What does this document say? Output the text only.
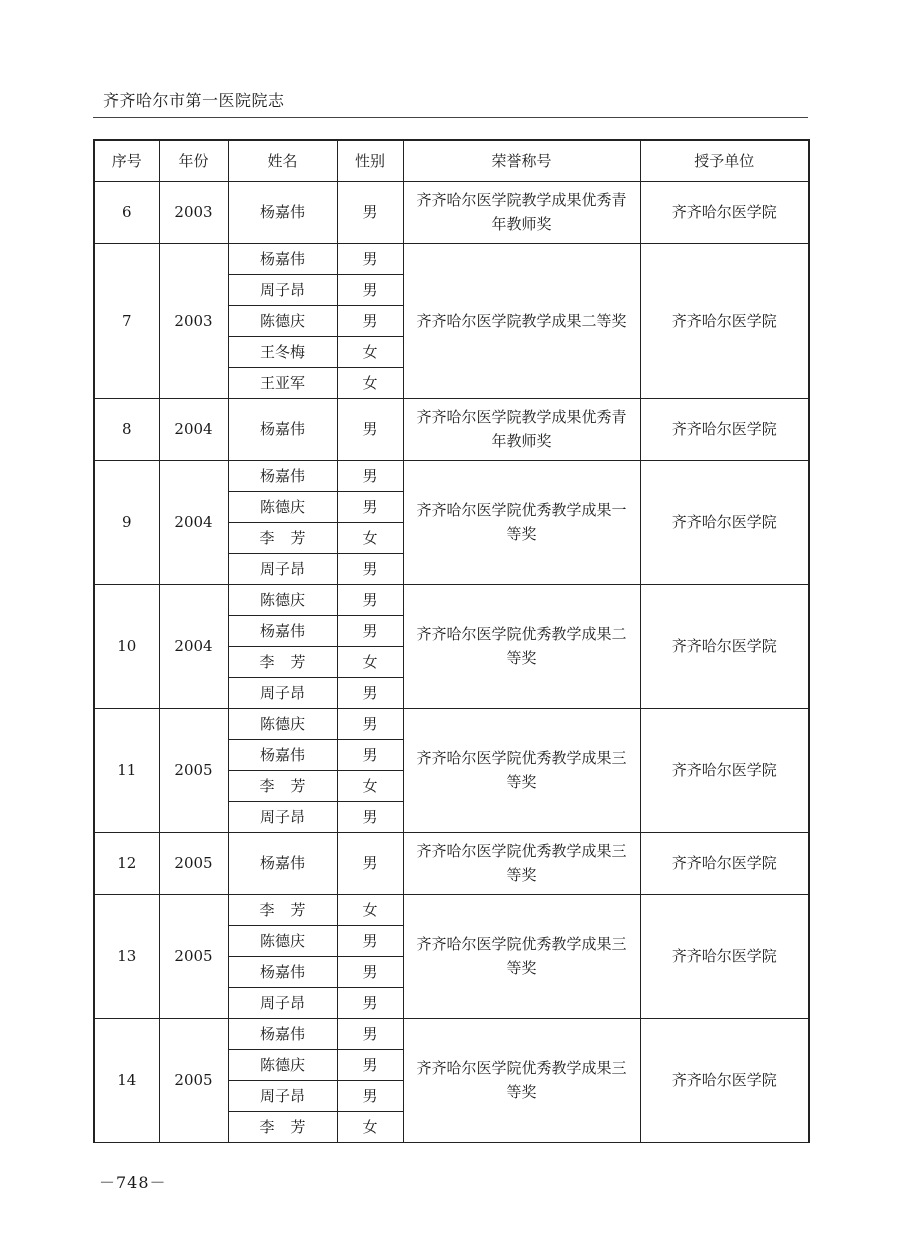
齐齐哈尔市第一医院院志
序号	年份	姓名	性别	荣誉称号	授予单位
6	2003	杨嘉伟	男	齐齐哈尔医学院教学成果优秀青年教师奖	齐齐哈尔医学院
7	2003	杨嘉伟	男	齐齐哈尔医学院教学成果二等奖	齐齐哈尔医学院
		周子昂	男		
		陈德庆	男		
		王冬梅	女		
		王亚军	女		
8	2004	杨嘉伟	男	齐齐哈尔医学院教学成果优秀青年教师奖	齐齐哈尔医学院
9	2004	杨嘉伟	男	齐齐哈尔医学院优秀教学成果一等奖	齐齐哈尔医学院
		陈德庆	男		
		李芳	女		
		周子昂	男		
10	2004	陈德庆	男	齐齐哈尔医学院优秀教学成果二等奖	齐齐哈尔医学院
		杨嘉伟	男		
		李芳	女		
		周子昂	男		
11	2005	陈德庆	男	齐齐哈尔医学院优秀教学成果三等奖	齐齐哈尔医学院
		杨嘉伟	男		
		李芳	女		
		周子昂	男		
12	2005	杨嘉伟	男	齐齐哈尔医学院优秀教学成果三等奖	齐齐哈尔医学院
13	2005	李芳	女	齐齐哈尔医学院优秀教学成果三等奖	齐齐哈尔医学院
		陈德庆	男		
		杨嘉伟	男		
		周子昂	男		
14	2005	杨嘉伟	男	齐齐哈尔医学院优秀教学成果三等奖	齐齐哈尔医学院
		陈德庆	男		
		周子昂	男		
		李芳	女		
－748－
